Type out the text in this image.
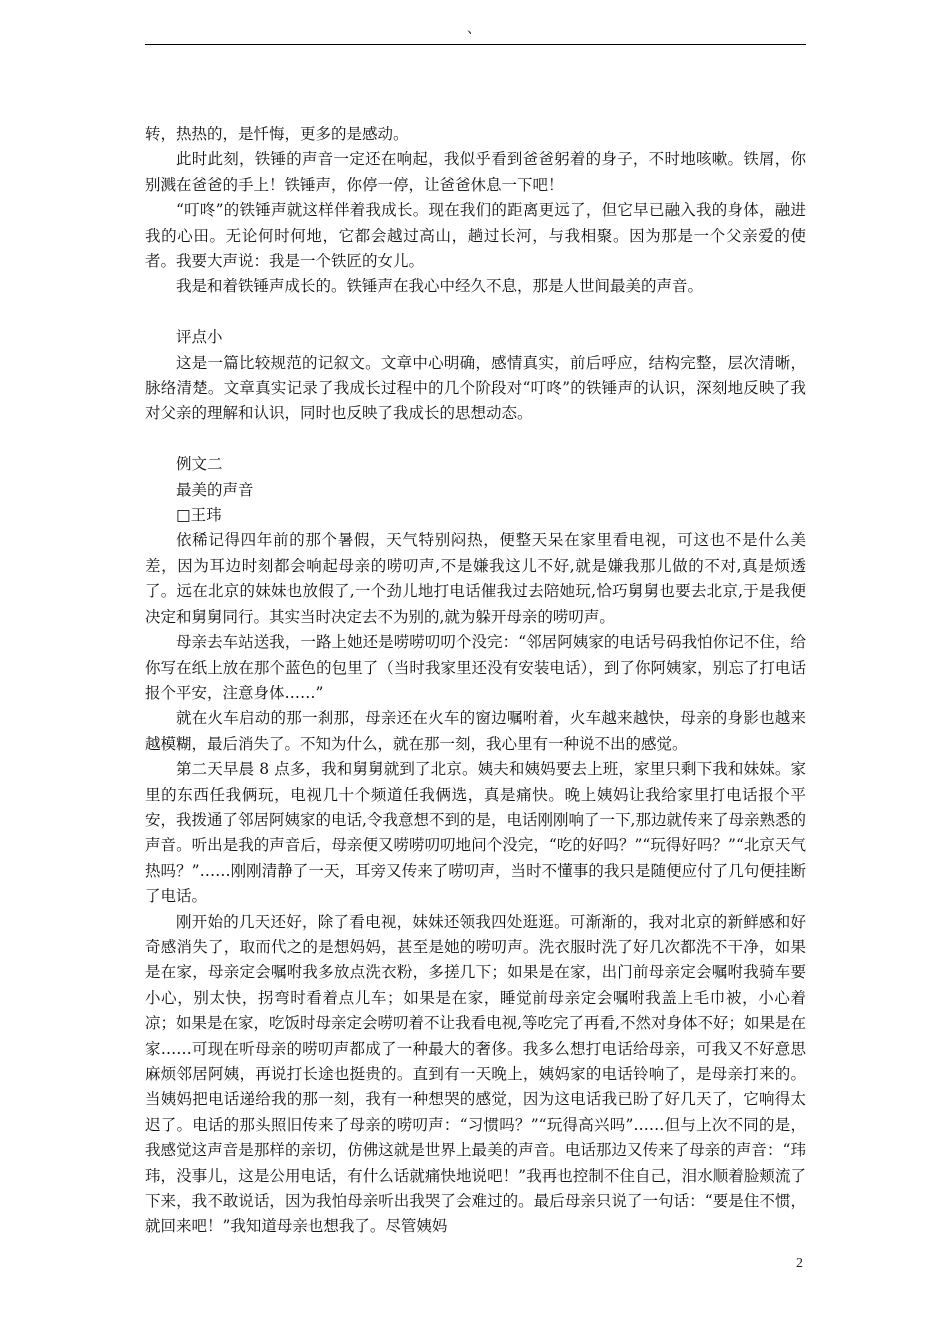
、

转，热热的，是忏悔，更多的是感动。

此时此刻，铁锤的声音一定还在响起，我似乎看到爸爸躬着的身子，不时地咳嗽。铁屑，你别溅在爸爸的手上！铁锤声，你停一停，让爸爸休息一下吧！

“叮咚”的铁锤声就这样伴着我成长。现在我们的距离更远了，但它早已融入我的身体，融进我的心田。无论何时何地，它都会越过高山，趟过长河，与我相聚。因为那是一个父亲爱的使者。我要大声说：我是一个铁匠的女儿。

我是和着铁锤声成长的。铁锤声在我心中经久不息，那是人世间最美的声音。

评点小

这是一篇比较规范的记叙文。文章中心明确，感情真实，前后呼应，结构完整，层次清晰，脉络清楚。文章真实记录了我成长过程中的几个阶段对“叮咚”的铁锤声的认识，深刻地反映了我对父亲的理解和认识，同时也反映了我成长的思想动态。

例文二

最美的声音

□王玮

依稀记得四年前的那个暑假，天气特别闷热，便整天呆在家里看电视，可这也不是什么美差，因为耳边时刻都会响起母亲的唠叨声,不是嫌我这儿不好,就是嫌我那儿做的不对,真是烦透了。远在北京的妹妹也放假了,一个劲儿地打电话催我过去陪她玩,恰巧舅舅也要去北京,于是我便决定和舅舅同行。其实当时决定去不为别的,就为躲开母亲的唠叨声。

母亲去车站送我，一路上她还是唠唠叨叨个没完：“邻居阿姨家的电话号码我怕你记不住，给你写在纸上放在那个蓝色的包里了（当时我家里还没有安装电话），到了你阿姨家，别忘了打电话报个平安，注意身体……”

就在火车启动的那一刹那，母亲还在火车的窗边嘱咐着，火车越来越快，母亲的身影也越来越模糊，最后消失了。不知为什么，就在那一刻，我心里有一种说不出的感觉。

第二天早晨 8 点多，我和舅舅就到了北京。姨夫和姨妈要去上班，家里只剩下我和妹妹。家里的东西任我俩玩，电视几十个频道任我俩选，真是痛快。晚上姨妈让我给家里打电话报个平安，我拨通了邻居阿姨家的电话,令我意想不到的是，电话刚刚响了一下,那边就传来了母亲熟悉的声音。听出是我的声音后，母亲便又唠唠叨叨地问个没完，“吃的好吗？”“玩得好吗？”“北京天气热吗？”……刚刚清静了一天，耳旁又传来了唠叨声，当时不懂事的我只是随便应付了几句便挂断了电话。

刚开始的几天还好，除了看电视，妹妹还领我四处逛逛。可渐渐的，我对北京的新鲜感和好奇感消失了，取而代之的是想妈妈，甚至是她的唠叨声。洗衣服时洗了好几次都洗不干净，如果是在家，母亲定会嘱咐我多放点洗衣粉，多搓几下；如果是在家，出门前母亲定会嘱咐我骑车要小心，别太快，拐弯时看着点儿车；如果是在家，睡觉前母亲定会嘱咐我盖上毛巾被，小心着凉；如果是在家，吃饭时母亲定会唠叨着不让我看电视,等吃完了再看,不然对身体不好；如果是在家……可现在听母亲的唠叨声都成了一种最大的奢侈。我多么想打电话给母亲，可我又不好意思麻烦邻居阿姨，再说打长途也挺贵的。直到有一天晚上，姨妈家的电话铃响了，是母亲打来的。当姨妈把电话递给我的那一刻，我有一种想哭的感觉，因为这电话我已盼了好几天了，它响得太迟了。电话的那头照旧传来了母亲的唠叨声：“习惯吗？”“玩得高兴吗”……但与上次不同的是，我感觉这声音是那样的亲切，仿佛这就是世界上最美的声音。电话那边又传来了母亲的声音：“玮玮，没事儿，这是公用电话，有什么话就痛快地说吧！”我再也控制不住自己，泪水顺着脸颊流了下来，我不敢说话，因为我怕母亲听出我哭了会难过的。最后母亲只说了一句话：“要是住不惯，就回来吧！”我知道母亲也想我了。尽管姨妈

2
